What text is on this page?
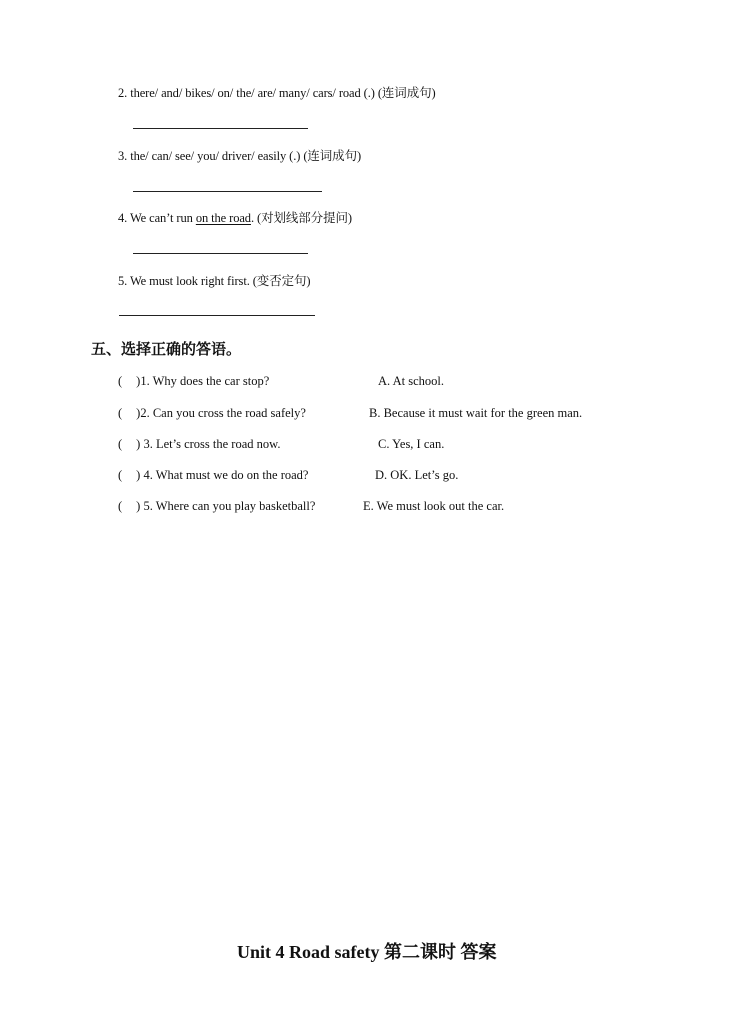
2. there/ and/ bikes/ on/ the/ are/ many/ cars/ road (.) (连词成句)
3. the/ can/ see/ you/ driver/ easily (.) (连词成句)
4. We can’t run on the road. (对划线部分提问)
5. We must look right first. (变否定句)
五、选择正确的答语。
( )1. Why does the car stop?	A. At school.
( )2. Can you cross the road safely?	B. Because it must wait for the green man.
( ) 3. Let’s cross the road now.	C. Yes, I can.
( ) 4. What must we do on the road?	D. OK. Let’s go.
( ) 5. Where can you play basketball?	E. We must look out the car.
Unit 4 Road safety 第二课时 答案
